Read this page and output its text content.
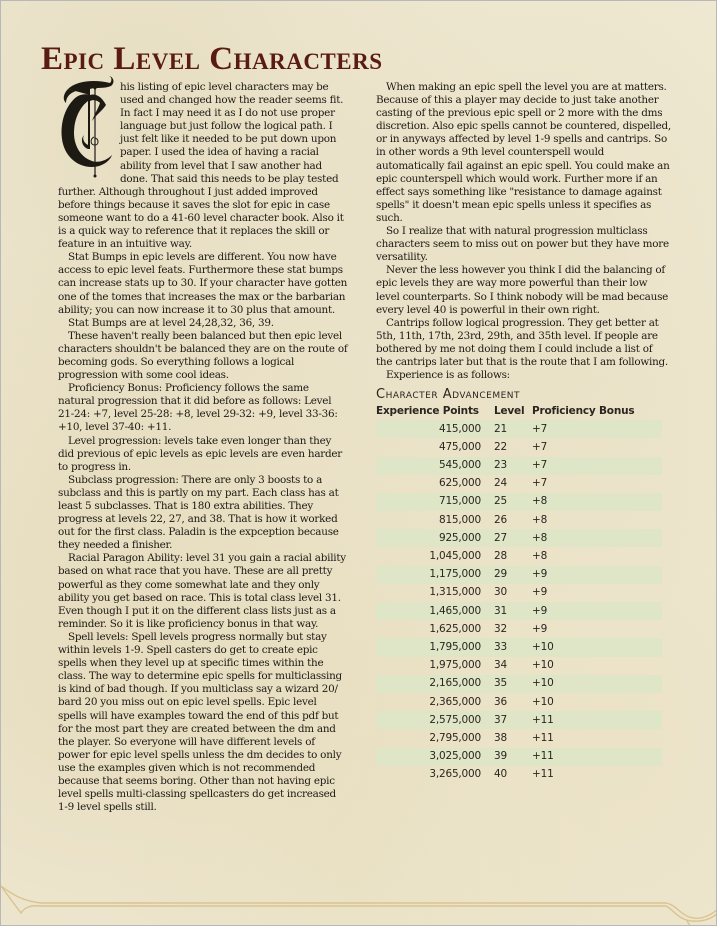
Epic Level Characters

his listing of epic level characters may be used and changed how the reader seems fit. In fact I may need it as I do not use proper language but just follow the logical path. I just felt like it needed to be put down upon paper. I used the idea of having a racial ability from level that I saw another had done. That said this needs to be play tested further. Although throughout I just added improved before things because it saves the slot for epic in case someone want to do a 41-60 level character book. Also it is a quick way to reference that it replaces the skill or feature in an intuitive way.

Stat Bumps in epic levels are different. You now have access to epic level feats. Furthermore these stat bumps can increase stats up to 30. If your character have gotten one of the tomes that increases the max or the barbarian ability; you can now increase it to 30 plus that amount.

Stat Bumps are at level 24,28,32, 36, 39.

These haven't really been balanced but then epic level characters shouldn't be balanced they are on the route of becoming gods. So everything follows a logical progression with some cool ideas.

Proficiency Bonus: Proficiency follows the same natural progression that it did before as follows: Level 21-24: +7, level 25-28: +8, level 29-32: +9, level 33-36: +10, level 37-40: +11.

Level progression: levels take even longer than they did previous of epic levels as epic levels are even harder to progress in.

Subclass progression: There are only 3 boosts to a subclass and this is partly on my part. Each class has at least 5 subclasses. That is 180 extra abilities. They progress at levels 22, 27, and 38. That is how it worked out for the first class. Paladin is the expception because they needed a finisher.

Racial Paragon Ability: level 31 you gain a racial ability based on what race that you have. These are all pretty powerful as they come somewhat late and they only ability you get based on race. This is total class level 31. Even though I put it on the different class lists just as a reminder. So it is like proficiency bonus in that way.

Spell levels: Spell levels progress normally but stay within levels 1-9. Spell casters do get to create epic spells when they level up at specific times within the class. The way to determine epic spells for multiclassing is kind of bad though. If you multiclass say a wizard 20/ bard 20 you miss out on epic level spells. Epic level spells will have examples toward the end of this pdf but for the most part they are created between the dm and the player. So everyone will have different levels of power for epic level spells unless the dm decides to only use the examples given which is not recommended because that seems boring. Other than not having epic level spells multi-classing spellcasters do get increased 1-9 level spells still.

When making an epic spell the level you are at matters. Because of this a player may decide to just take another casting of the previous epic spell or 2 more with the dms discretion. Also epic spells cannot be countered, dispelled, or in anyways affected by level 1-9 spells and cantrips. So in other words a 9th level counterspell would automatically fail against an epic spell. You could make an epic counterspell which would work. Further more if an effect says something like "resistance to damage against spells" it doesn't mean epic spells unless it specifies as such.

So I realize that with natural progression multiclass characters seem to miss out on power but they have more versatility.

Never the less however you think I did the balancing of epic levels they are way more powerful than their low level counterparts. So I think nobody will be mad because every level 40 is powerful in their own right.

Cantrips follow logical progression. They get better at 5th, 11th, 17th, 23rd, 29th, and 35th level. If people are bothered by me not doing them I could include a list of the cantrips later but that is the route that I am following.

Experience is as follows:

Character Advancement
Experience Points	Level	Proficiency Bonus
415,000	21	+7
475,000	22	+7
545,000	23	+7
625,000	24	+7
715,000	25	+8
815,000	26	+8
925,000	27	+8
1,045,000	28	+8
1,175,000	29	+9
1,315,000	30	+9
1,465,000	31	+9
1,625,000	32	+9
1,795,000	33	+10
1,975,000	34	+10
2,165,000	35	+10
2,365,000	36	+10
2,575,000	37	+11
2,795,000	38	+11
3,025,000	39	+11
3,265,000	40	+11
